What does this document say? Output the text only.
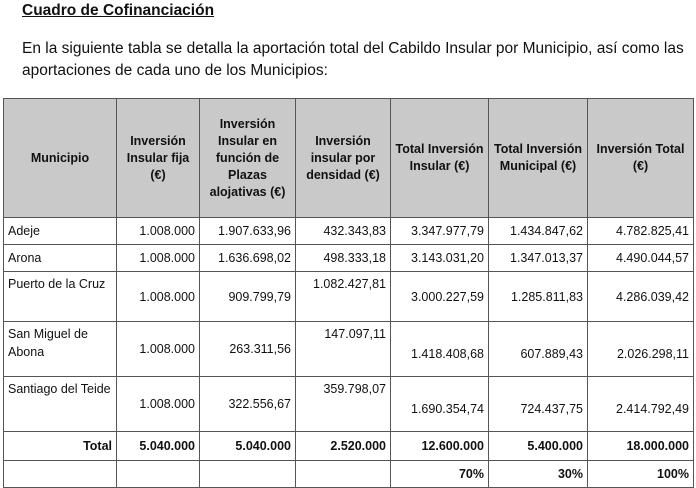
Cuadro de Cofinanciación
En la siguiente tabla se detalla la aportación total del Cabildo Insular por Municipio, así como las aportaciones de cada uno de los Municipios:
Municipio	Inversión Insular fija (€)	Inversión Insular en función de Plazas alojativas (€)	Inversión insular por densidad (€)	Total Inversión Insular (€)	Total Inversión Municipal (€)	Inversión Total (€)
Adeje	1.008.000	1.907.633,96	432.343,83	3.347.977,79	1.434.847,62	4.782.825,41
Arona	1.008.000	1.636.698,02	498.333,18	3.143.031,20	1.347.013,37	4.490.044,57
Puerto de la Cruz	1.008.000	909.799,79	1.082.427,81	3.000.227,59	1.285.811,83	4.286.039,42
San Miguel de Abona	1.008.000	263.311,56	147.097,11	1.418.408,68	607.889,43	2.026.298,11
Santiago del Teide	1.008.000	322.556,67	359.798,07	1.690.354,74	724.437,75	2.414.792,49
Total	5.040.000	5.040.000	2.520.000	12.600.000	5.400.000	18.000.000
				70%	30%	100%
